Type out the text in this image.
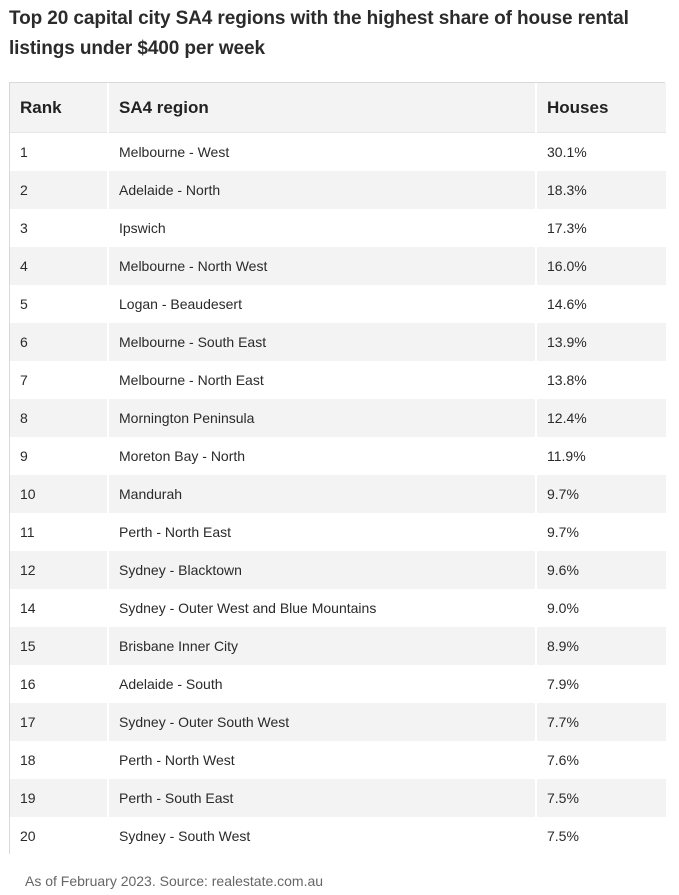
Top 20 capital city SA4 regions with the highest share of house rental listings under $400 per week
Rank	SA4 region	Houses
1	Melbourne - West	30.1%
2	Adelaide - North	18.3%
3	Ipswich	17.3%
4	Melbourne - North West	16.0%
5	Logan - Beaudesert	14.6%
6	Melbourne - South East	13.9%
7	Melbourne - North East	13.8%
8	Mornington Peninsula	12.4%
9	Moreton Bay - North	11.9%
10	Mandurah	9.7%
11	Perth - North East	9.7%
12	Sydney - Blacktown	9.6%
14	Sydney - Outer West and Blue Mountains	9.0%
15	Brisbane Inner City	8.9%
16	Adelaide - South	7.9%
17	Sydney - Outer South West	7.7%
18	Perth - North West	7.6%
19	Perth - South East	7.5%
20	Sydney - South West	7.5%
As of February 2023. Source: realestate.com.au
